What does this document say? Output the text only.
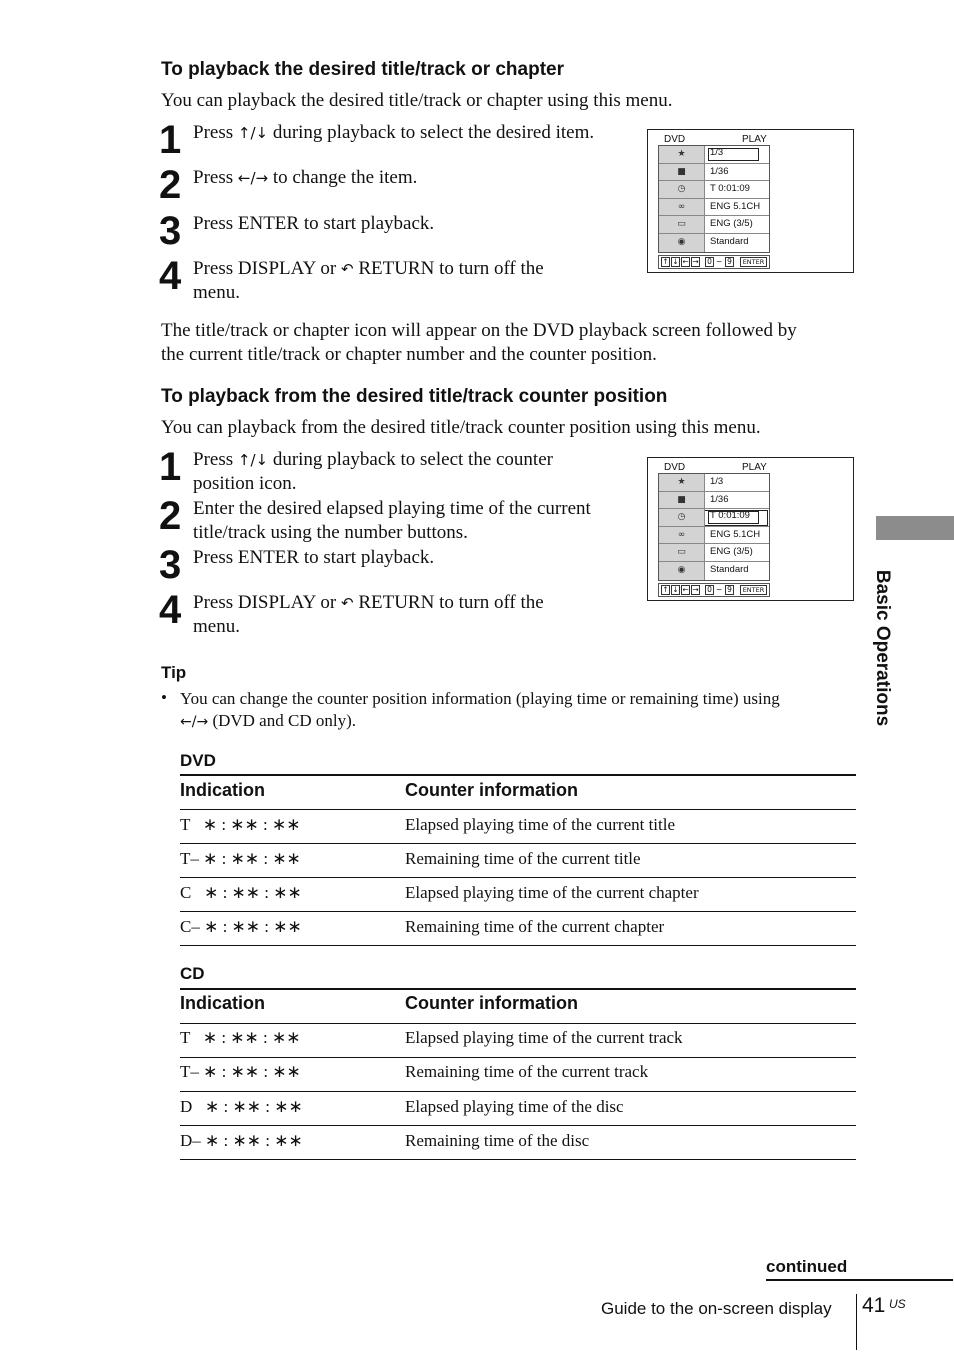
To playback the desired title/track or chapter
You can playback the desired title/track or chapter using this menu.
1 Press ↑/↓ during playback to select the desired item.
2 Press ←/→ to change the item.
3 Press ENTER to start playback.
4 Press DISPLAY or ↶ RETURN to turn off the
menu.
DVD	PLAY
★	1/3
■	1/36
◷	T 0:01:09
∞	ENG 5.1CH
▭	ENG (3/5)
◉	Standard
↑ ↓ ← → 0 ~ 9	ENTER
The title/track or chapter icon will appear on the DVD playback screen followed by
the current title/track or chapter number and the counter position.
To playback from the desired title/track counter position
You can playback from the desired title/track counter position using this menu.
1 Press ↑/↓ during playback to select the counter
position icon.
2 Enter the desired elapsed playing time of the current
title/track using the number buttons.
3 Press ENTER to start playback.
4 Press DISPLAY or ↶ RETURN to turn off the
menu.
DVD	PLAY
★	1/3
■	1/36
◷	T 0:01:09
∞	ENG 5.1CH
▭	ENG (3/5)
◉	Standard
↑ ↓ ← → 0 ~ 9	ENTER
Tip
• You can change the counter position information (playing time or remaining time) using
←/→ (DVD and CD only).
DVD
Indication	Counter information
T   ∗ : ∗∗ : ∗∗	Elapsed playing time of the current title
T– ∗ : ∗∗ : ∗∗	Remaining time of the current title
C   ∗ : ∗∗ : ∗∗	Elapsed playing time of the current chapter
C– ∗ : ∗∗ : ∗∗	Remaining time of the current chapter
CD
Indication	Counter information
T   ∗ : ∗∗ : ∗∗	Elapsed playing time of the current track
T– ∗ : ∗∗ : ∗∗	Remaining time of the current track
D   ∗ : ∗∗ : ∗∗	Elapsed playing time of the disc
D– ∗ : ∗∗ : ∗∗	Remaining time of the disc
Basic Operations
continued
Guide to the on-screen display 41 US
